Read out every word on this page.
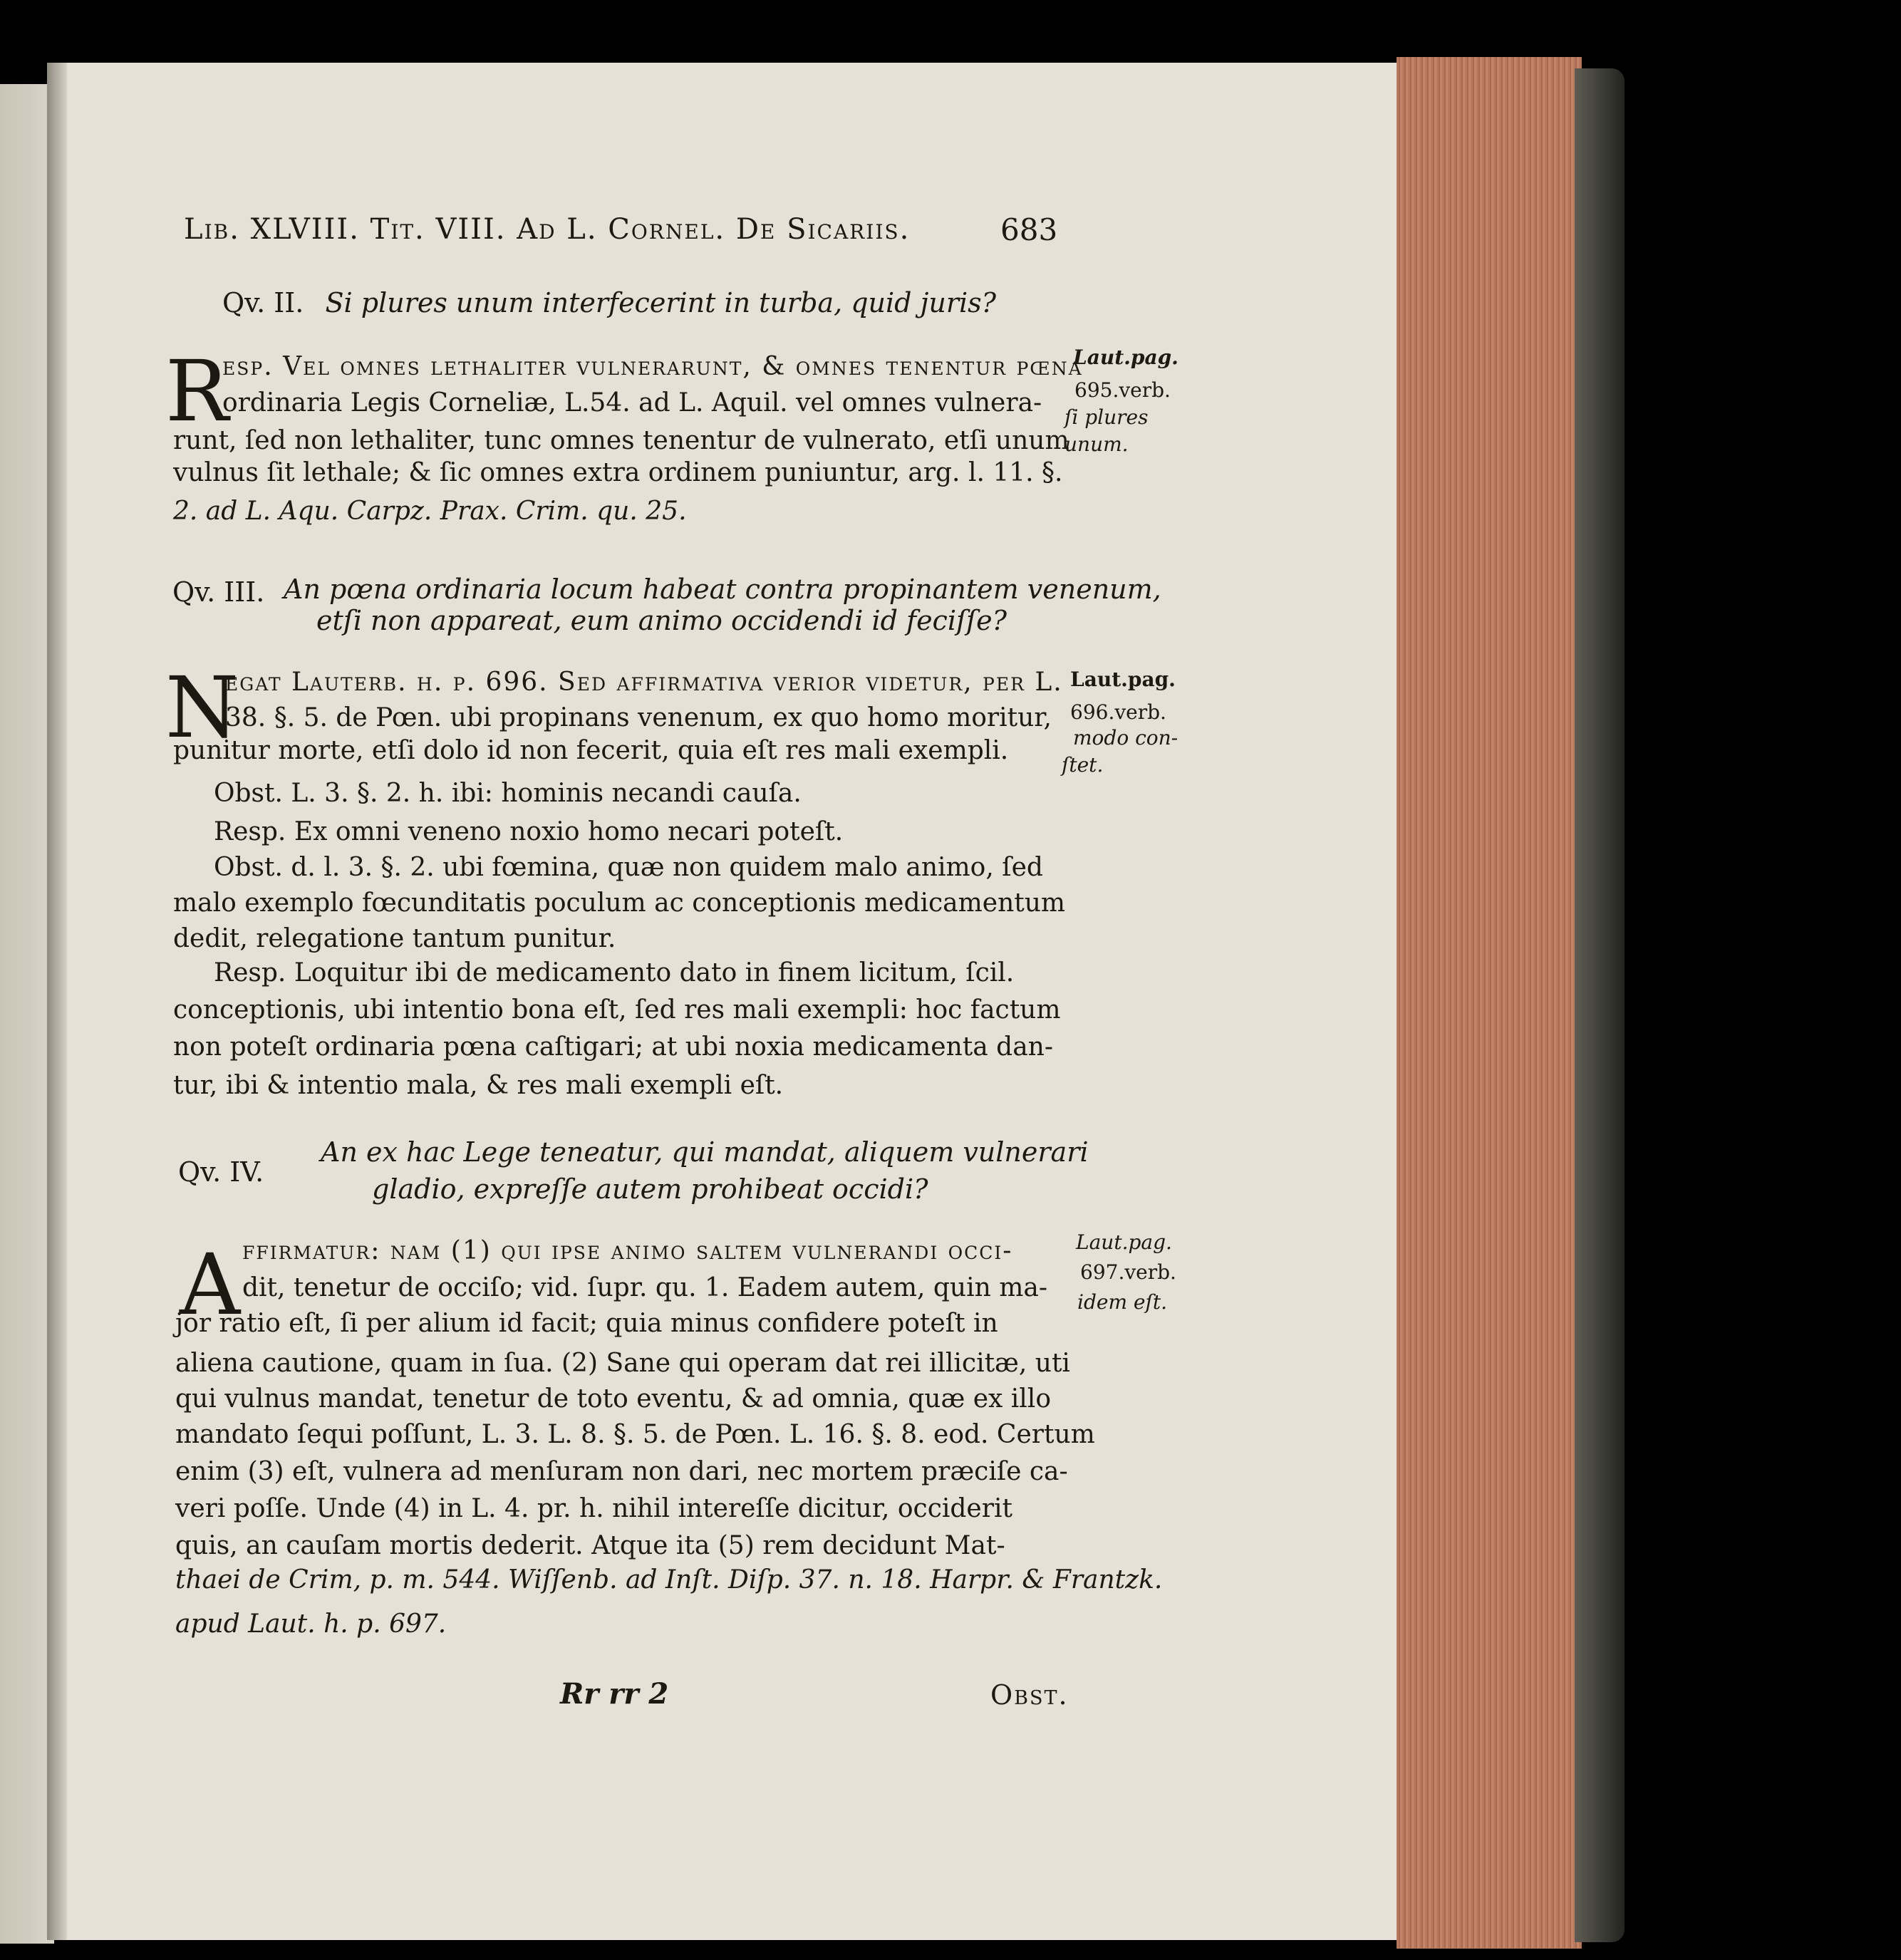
Lib. XLVIII. Tit. VIII. Ad L. Cornel. De Sicariis.	683
Qv. II. Si plures unum interfecerint in turba, quid juris?
R
esp. Vel omnes lethaliter vulnerarunt, & omnes tenentur pœna
ordinaria Legis Corneliæ, L.54. ad L. Aquil. vel omnes vulnera-
runt, ſed non lethaliter, tunc omnes tenentur de vulnerato, etſi unum
vulnus ſit lethale; & ſic omnes extra ordinem puniuntur, arg. l. 11. §.
2. ad L. Aqu. Carpz. Prax. Crim. qu. 25.
Laut.pag.
695.verb.
ſi plures
unum.
Qv. III. An pœna ordinaria locum habeat contra propinantem venenum,
etſi non appareat, eum animo occidendi id feciſſe?
N
egat Lauterb. h. p. 696. Sed affirmativa verior videtur, per L.
38. §. 5. de Pœn. ubi propinans venenum, ex quo homo moritur,
punitur morte, etſi dolo id non fecerit, quia eſt res mali exempli.
Obst. L. 3. §. 2. h. ibi: hominis necandi cauſa.
Resp. Ex omni veneno noxio homo necari poteſt.
Obst. d. l. 3. §. 2. ubi fœmina, quæ non quidem malo animo, ſed
malo exemplo fœcunditatis poculum ac conceptionis medicamentum
dedit, relegatione tantum punitur.
Resp. Loquitur ibi de medicamento dato in finem licitum, ſcil.
conceptionis, ubi intentio bona eſt, ſed res mali exempli: hoc factum
non poteſt ordinaria pœna caſtigari; at ubi noxia medicamenta dan-
tur, ibi & intentio mala, & res mali exempli eſt.
Laut.pag.
696.verb.
modo con-
ſtet.
Qv. IV.
An ex hac Lege teneatur, qui mandat, aliquem vulnerari
gladio, expreſſe autem prohibeat occidi?
A ffirmatur: nam (1) qui ipſe animo ſaltem vulnerandi occi-
dit, tenetur de occiſo; vid. ſupr. qu. 1. Eadem autem, quin ma-
jor ratio eſt, ſi per alium id facit; quia minus confidere poteſt in
aliena cautione, quam in ſua. (2) Sane qui operam dat rei illicitæ, uti
qui vulnus mandat, tenetur de toto eventu, & ad omnia, quæ ex illo
mandato ſequi poſſunt, L. 3. L. 8. §. 5. de Pœn. L. 16. §. 8. eod. Certum
enim (3) eſt, vulnera ad menſuram non dari, nec mortem præciſe ca-
veri poſſe. Unde (4) in L. 4. pr. h. nihil intereſſe dicitur, occiderit
quis, an cauſam mortis dederit. Atque ita (5) rem decidunt Mat-
thaei de Crim, p. m. 544. Wiſſenb. ad Inſt. Diſp. 37. n. 18. Harpr. & Frantzk.
apud Laut. h. p. 697.
Laut.pag.
697.verb.
idem eſt.
Rr rr 2	Obst.
